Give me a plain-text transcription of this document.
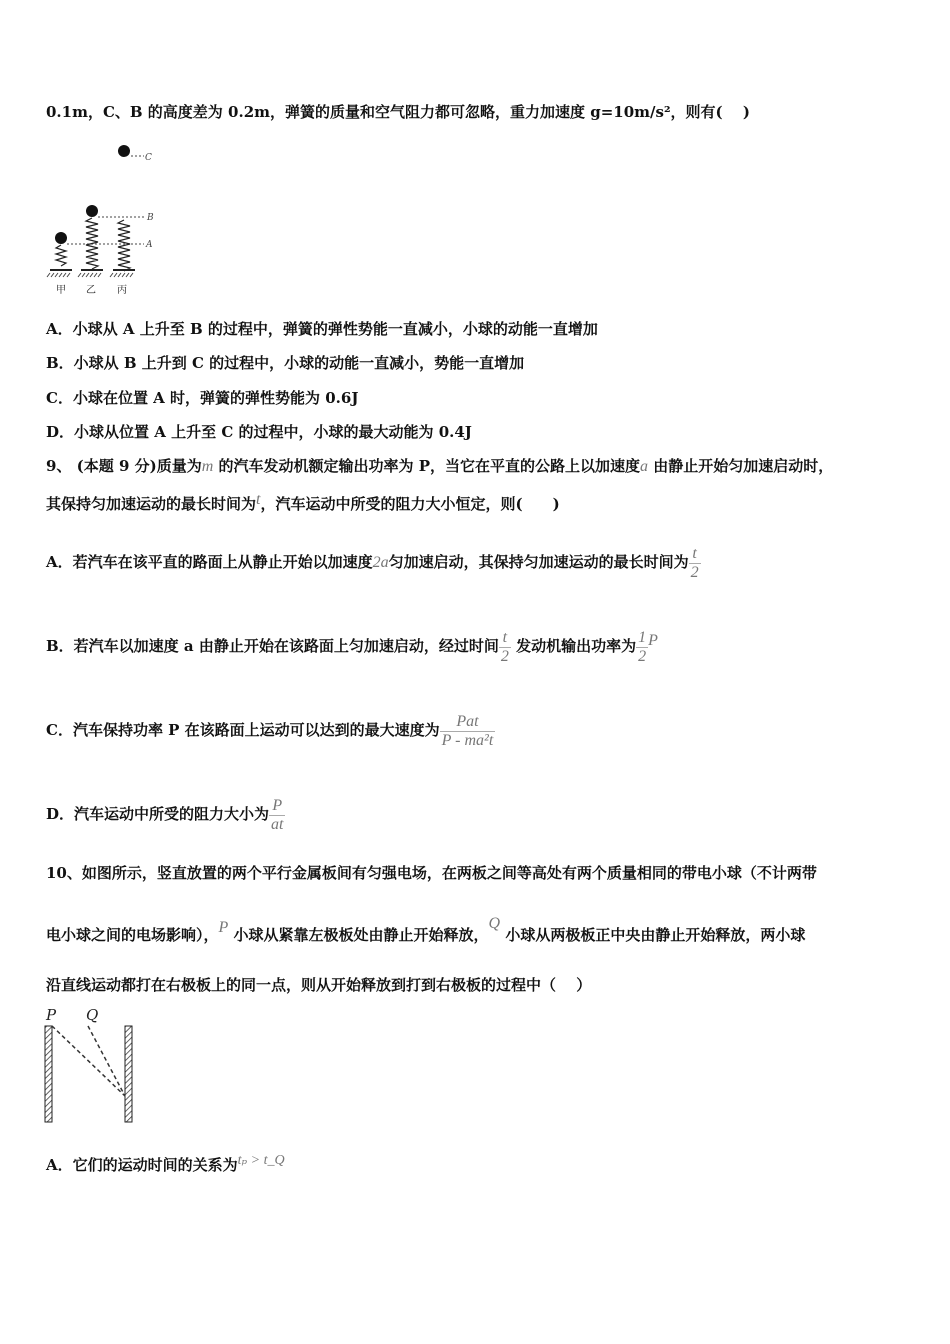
0.1m，C、B 的高度差为 0.2m，弹簧的质量和空气阻力都可忽略，重力加速度 g=10m/s²，则有(　 )
C
B
A
甲 乙 丙
A．小球从 A 上升至 B 的过程中，弹簧的弹性势能一直减小，小球的动能一直增加
B．小球从 B 上升到 C 的过程中，小球的动能一直减小，势能一直增加
C．小球在位置 A 时，弹簧的弹性势能为 0.6J
D．小球从位置 A 上升至 C 的过程中，小球的最大动能为 0.4J
9、 (本题 9 分)质量为m 的汽车发动机额定输出功率为 P，当它在平直的公路上以加速度a 由静止开始匀加速启动时，
其保持匀加速运动的最长时间为t，汽车运动中所受的阻力大小恒定，则(　　)
A．若汽车在该平直的路面上从静止开始以加速度2a匀加速启动，其保持匀加速运动的最长时间为 $\frac{t}{2}$
B．若汽车以加速度 a 由静止开始在该路面上匀加速启动，经过时间 $\frac{t}{2}$ 发动机输出功率为 $\frac{1}{2}$ P
C．汽车保持功率 P 在该路面上运动可以达到的最大速度为 $\frac{\text{Pat}}{\text{P - ma²t}}$
D．汽车运动中所受的阻力大小为 $\frac{P}{at}$
10、如图所示，竖直放置的两个平行金属板间有匀强电场，在两板之间等高处有两个质量相同的带电小球（不计两带
电小球之间的电场影响），P 小球从紧靠左极板处由静止开始释放，Q 小球从两极板正中央由静止开始释放，两小球
沿直线运动都打在右极板上的同一点，则从开始释放到打到右极板的过程中（　 ）
P Q
A．它们的运动时间的关系为tₚ > t_Q
